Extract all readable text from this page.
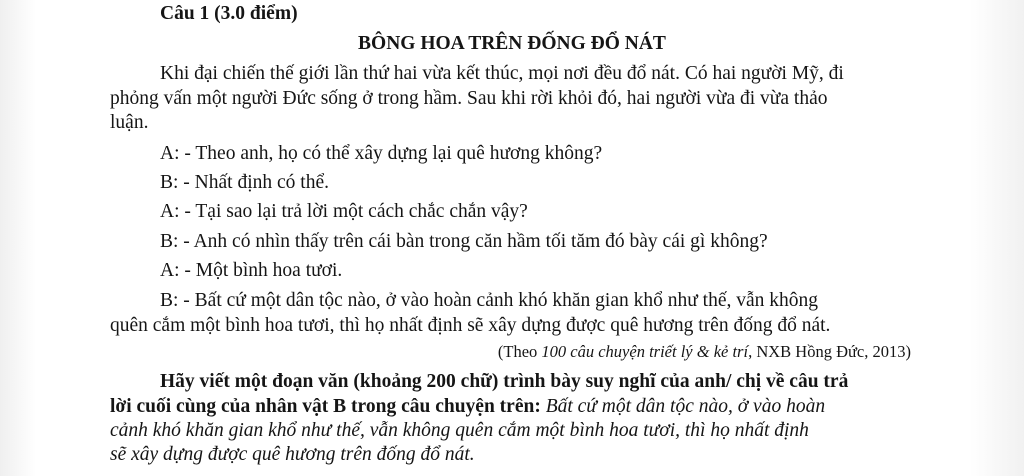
Câu 1 (3.0 điểm)
BÔNG HOA TRÊN ĐỐNG ĐỔ NÁT
Khi đại chiến thế giới lần thứ hai vừa kết thúc, mọi nơi đều đổ nát. Có hai người Mỹ, đi
phỏng vấn một người Đức sống ở trong hầm. Sau khi rời khỏi đó, hai người vừa đi vừa thảo
luận.
A: - Theo anh, họ có thể xây dựng lại quê hương không?
B: - Nhất định có thể.
A: - Tại sao lại trả lời một cách chắc chắn vậy?
B: - Anh có nhìn thấy trên cái bàn trong căn hầm tối tăm đó bày cái gì không?
A: - Một bình hoa tươi.
B: - Bất cứ một dân tộc nào, ở vào hoàn cảnh khó khăn gian khổ như thế, vẫn không
quên cắm một bình hoa tươi, thì họ nhất định sẽ xây dựng được quê hương trên đống đổ nát.
(Theo 100 câu chuyện triết lý & kẻ trí, NXB Hồng Đức, 2013)
Hãy viết một đoạn văn (khoảng 200 chữ) trình bày suy nghĩ của anh/ chị về câu trả
lời cuối cùng của nhân vật B trong câu chuyện trên: Bất cứ một dân tộc nào, ở vào hoàn
cảnh khó khăn gian khổ như thế, vẫn không quên cắm một bình hoa tươi, thì họ nhất định
sẽ xây dựng được quê hương trên đống đổ nát.
